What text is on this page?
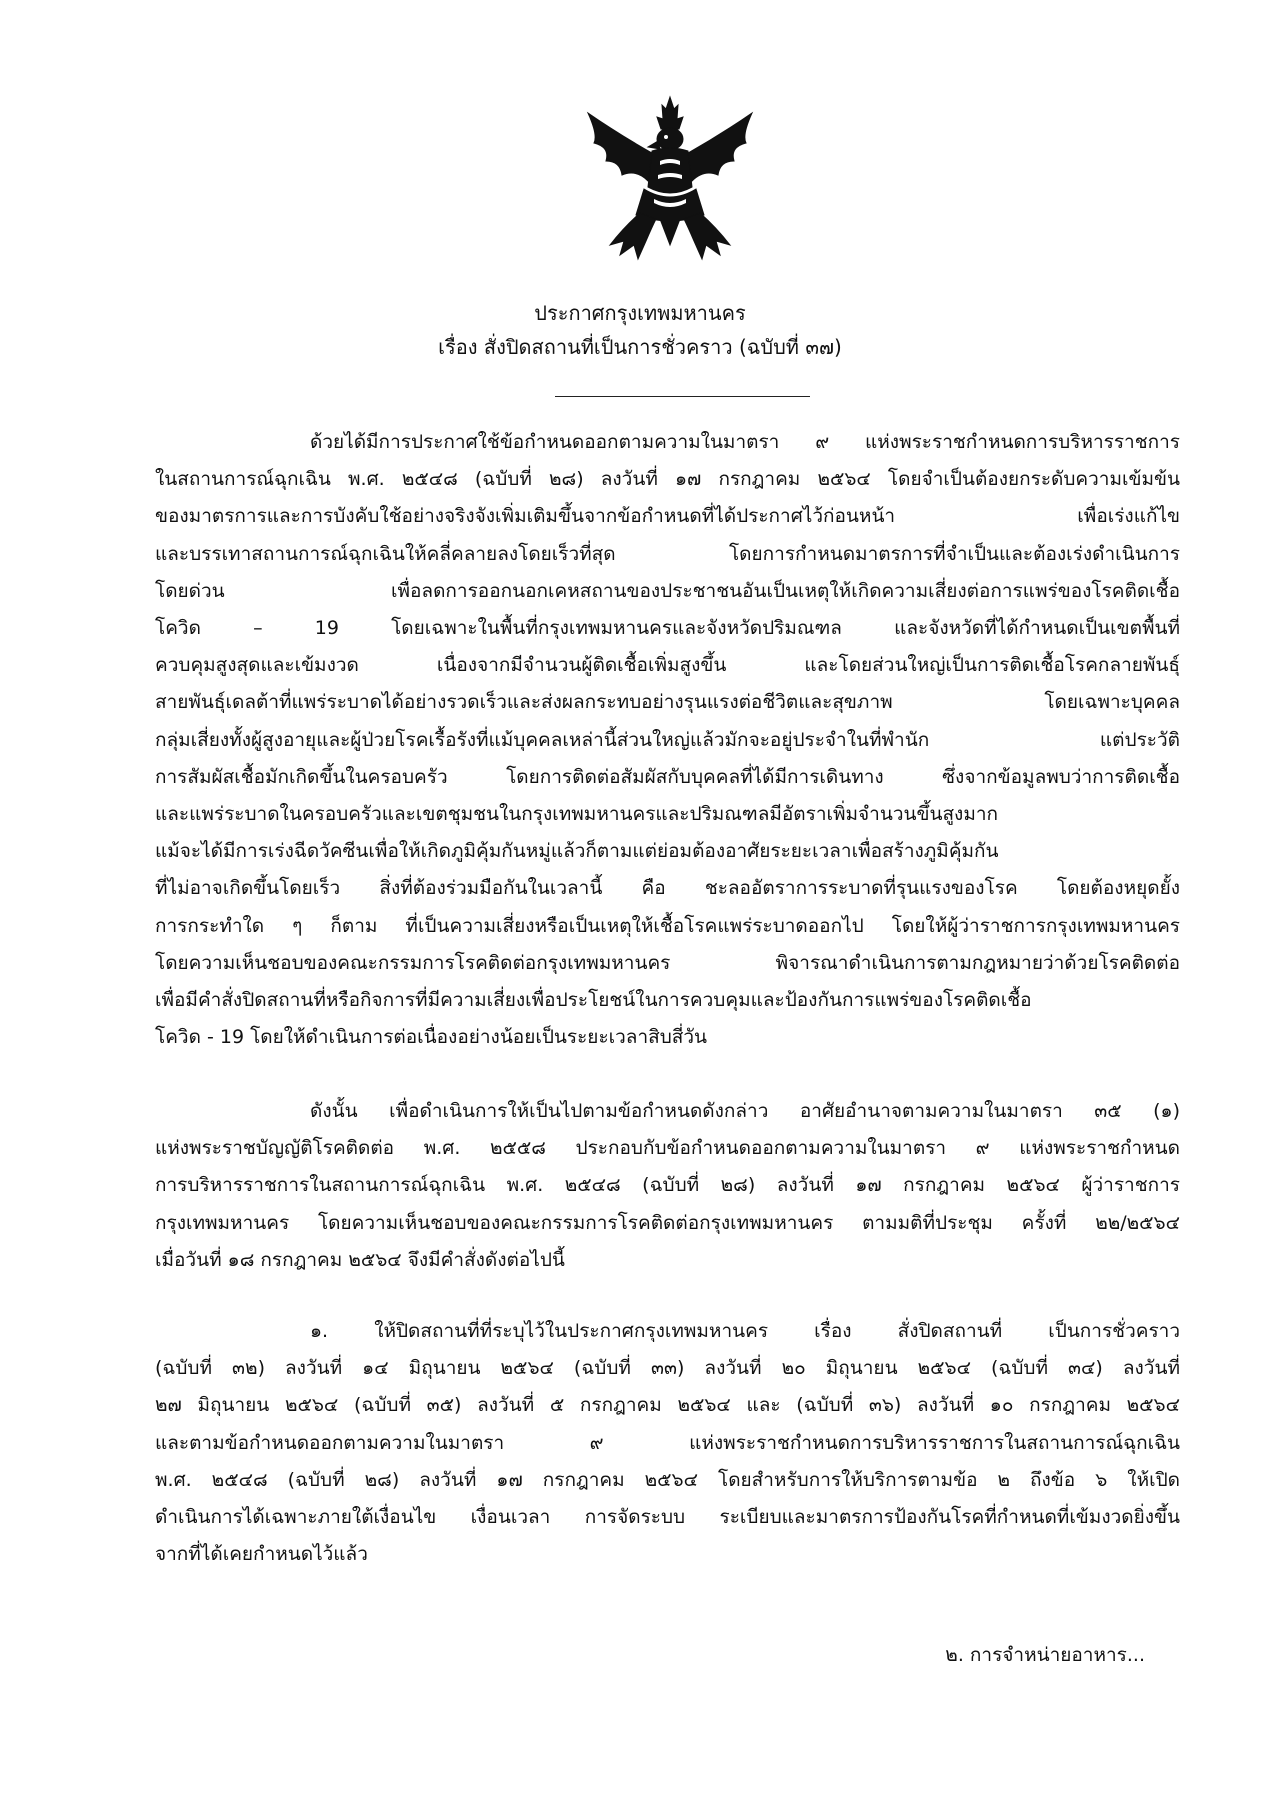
ประกาศกรุงเทพมหานคร
เรื่อง สั่งปิดสถานที่เป็นการชั่วคราว (ฉบับที่ ๓๗)
ด้วยได้มีการประกาศใช้ข้อกำหนดออกตามความในมาตรา ๙ แห่งพระราชกำหนดการบริหารราชการ
ในสถานการณ์ฉุกเฉิน พ.ศ. ๒๕๔๘ (ฉบับที่ ๒๘) ลงวันที่ ๑๗ กรกฎาคม ๒๕๖๔ โดยจำเป็นต้องยกระดับความเข้มข้น
ของมาตรการและการบังคับใช้อย่างจริงจังเพิ่มเติมขึ้นจากข้อกำหนดที่ได้ประกาศไว้ก่อนหน้า เพื่อเร่งแก้ไข
และบรรเทาสถานการณ์ฉุกเฉินให้คลี่คลายลงโดยเร็วที่สุด โดยการกำหนดมาตรการที่จำเป็นและต้องเร่งดำเนินการ
โดยด่วน เพื่อลดการออกนอกเคหสถานของประชาชนอันเป็นเหตุให้เกิดความเสี่ยงต่อการแพร่ของโรคติดเชื้อ
โควิด – 19 โดยเฉพาะในพื้นที่กรุงเทพมหานครและจังหวัดปริมณฑล และจังหวัดที่ได้กำหนดเป็นเขตพื้นที่
ควบคุมสูงสุดและเข้มงวด เนื่องจากมีจำนวนผู้ติดเชื้อเพิ่มสูงขึ้น และโดยส่วนใหญ่เป็นการติดเชื้อโรคกลายพันธุ์
สายพันธุ์เดลต้าที่แพร่ระบาดได้อย่างรวดเร็วและส่งผลกระทบอย่างรุนแรงต่อชีวิตและสุขภาพ โดยเฉพาะบุคคล
กลุ่มเสี่ยงทั้งผู้สูงอายุและผู้ป่วยโรคเรื้อรังที่แม้บุคคลเหล่านี้ส่วนใหญ่แล้วมักจะอยู่ประจำในที่พำนัก แต่ประวัติ
การสัมผัสเชื้อมักเกิดขึ้นในครอบครัว โดยการติดต่อสัมผัสกับบุคคลที่ได้มีการเดินทาง ซึ่งจากข้อมูลพบว่าการติดเชื้อ
และแพร่ระบาดในครอบครัวและเขตชุมชนในกรุงเทพมหานครและปริมณฑลมีอัตราเพิ่มจำนวนขึ้นสูงมาก
แม้จะได้มีการเร่งฉีดวัคซีนเพื่อให้เกิดภูมิคุ้มกันหมู่แล้วก็ตามแต่ย่อมต้องอาศัยระยะเวลาเพื่อสร้างภูมิคุ้มกัน
ที่ไม่อาจเกิดขึ้นโดยเร็ว สิ่งที่ต้องร่วมมือกันในเวลานี้ คือ ชะลออัตราการระบาดที่รุนแรงของโรค โดยต้องหยุดยั้ง
การกระทำใด ๆ ก็ตาม ที่เป็นความเสี่ยงหรือเป็นเหตุให้เชื้อโรคแพร่ระบาดออกไป โดยให้ผู้ว่าราชการกรุงเทพมหานคร
โดยความเห็นชอบของคณะกรรมการโรคติดต่อกรุงเทพมหานคร พิจารณาดำเนินการตามกฎหมายว่าด้วยโรคติดต่อ
เพื่อมีคำสั่งปิดสถานที่หรือกิจการที่มีความเสี่ยงเพื่อประโยชน์ในการควบคุมและป้องกันการแพร่ของโรคติดเชื้อ
โควิด - 19 โดยให้ดำเนินการต่อเนื่องอย่างน้อยเป็นระยะเวลาสิบสี่วัน
ดังนั้น เพื่อดำเนินการให้เป็นไปตามข้อกำหนดดังกล่าว อาศัยอำนาจตามความในมาตรา ๓๕ (๑)
แห่งพระราชบัญญัติโรคติดต่อ พ.ศ. ๒๕๕๘ ประกอบกับข้อกำหนดออกตามความในมาตรา ๙ แห่งพระราชกำหนด
การบริหารราชการในสถานการณ์ฉุกเฉิน พ.ศ. ๒๕๔๘ (ฉบับที่ ๒๘) ลงวันที่ ๑๗ กรกฎาคม ๒๕๖๔ ผู้ว่าราชการ
กรุงเทพมหานคร โดยความเห็นชอบของคณะกรรมการโรคติดต่อกรุงเทพมหานคร ตามมติที่ประชุม ครั้งที่ ๒๒/๒๕๖๔
เมื่อวันที่ ๑๘ กรกฎาคม ๒๕๖๔ จึงมีคำสั่งดังต่อไปนี้
๑. ให้ปิดสถานที่ที่ระบุไว้ในประกาศกรุงเทพมหานคร เรื่อง สั่งปิดสถานที่ เป็นการชั่วคราว
(ฉบับที่ ๓๒) ลงวันที่ ๑๔ มิถุนายน ๒๕๖๔ (ฉบับที่ ๓๓) ลงวันที่ ๒๐ มิถุนายน ๒๕๖๔ (ฉบับที่ ๓๔) ลงวันที่
๒๗ มิถุนายน ๒๕๖๔ (ฉบับที่ ๓๕) ลงวันที่ ๕ กรกฎาคม ๒๕๖๔ และ (ฉบับที่ ๓๖) ลงวันที่ ๑๐ กรกฎาคม ๒๕๖๔
และตามข้อกำหนดออกตามความในมาตรา ๙ แห่งพระราชกำหนดการบริหารราชการในสถานการณ์ฉุกเฉิน
พ.ศ. ๒๕๔๘ (ฉบับที่ ๒๘) ลงวันที่ ๑๗ กรกฎาคม ๒๕๖๔ โดยสำหรับการให้บริการตามข้อ ๒ ถึงข้อ ๖ ให้เปิด
ดำเนินการได้เฉพาะภายใต้เงื่อนไข เงื่อนเวลา การจัดระบบ ระเบียบและมาตรการป้องกันโรคที่กำหนดที่เข้มงวดยิ่งขึ้น
จากที่ได้เคยกำหนดไว้แล้ว
๒. การจำหน่ายอาหาร...
